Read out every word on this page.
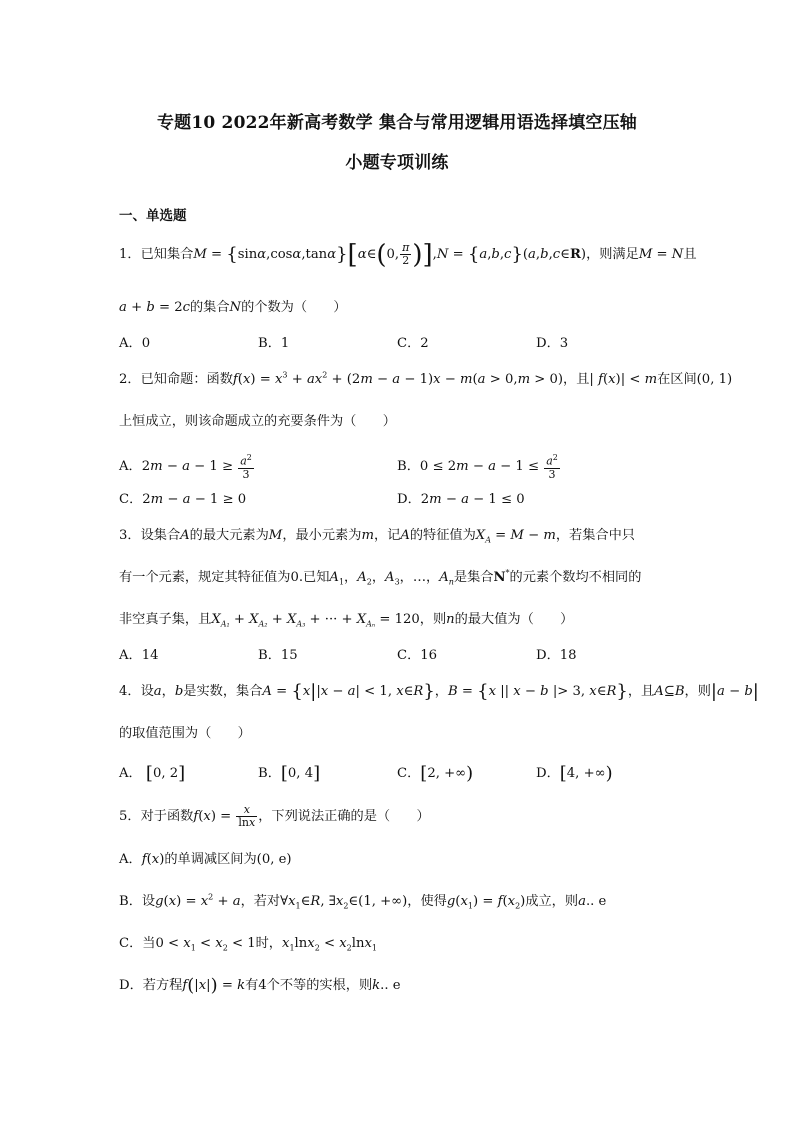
专题10 2022年新高考数学 集合与常用逻辑用语选择填空压轴
小题专项训练
一、单选题
1．已知集合M = {sinα,cosα,tanα}[α∈(0, $\frac{\pi}{2} )],N$ = {a,b,c}(a,b,c∈R)，则满足M = N且
a + b = 2c的集合N的个数为（　　）
A．0	B．1	C．2	D．3
2．已知命题：函数$f(x) = x^3 + ax^2 + (2m - a - 1)x - m(a > 0,m > 0)$，且| f(x)| < m在区间(0, 1)
上恒成立，则该命题成立的充要条件为（　　）
A．$2m - a - 1 \ge \frac{a^2}{3}$	B．$0 \le 2m - a - 1 \le \frac{a^2}{3}$
C．2m − a − 1 ≥ 0	D．2m − a − 1 ≤ 0
3．设集合A的最大元素为M，最小元素为m，记A的特征值为$X_A = M - m$，若集合中只
有一个元素，规定其特征值为0.已知$A_1$，$A_2$，$A_3$，…，$A_n$是集合N*的元素个数均不相同的
非空真子集，且$X_{A_1} + X_{A_2} + X_{A_3}$ + ··· + $X_{A_n} = 120$，则n的最大值为（　　）
A．14	B．15	C．16	D．18
4．设a，b是实数，集合A = {x||x − a| < 1, x∈R}，B = {x || x − b |> 3, x∈R}，且A⊆B，则|a − b|
的取值范围为（　　）
A． [0, 2]	B．[0, 4]	C．[2, +∞)	D．[4, +∞)
5．对于函数$f(x) = \frac{x}{\ln x}$ ，下列说法正确的是（　　）
A．f(x)的单调减区间为(0, e)
B．设$g(x) = x^2 + a$，若对$\forall x_1\in R$, $\exists x_2\in(1$, +∞)，使得$g(x_1) = f(x_2)$成立，则a.. e
C．当$0 < x_1 < x_2 < 1$时，$x_1\ln x_2 < x_2\ln x_1$
D．若方程f(|x|) = k有4个不等的实根，则k.. e
